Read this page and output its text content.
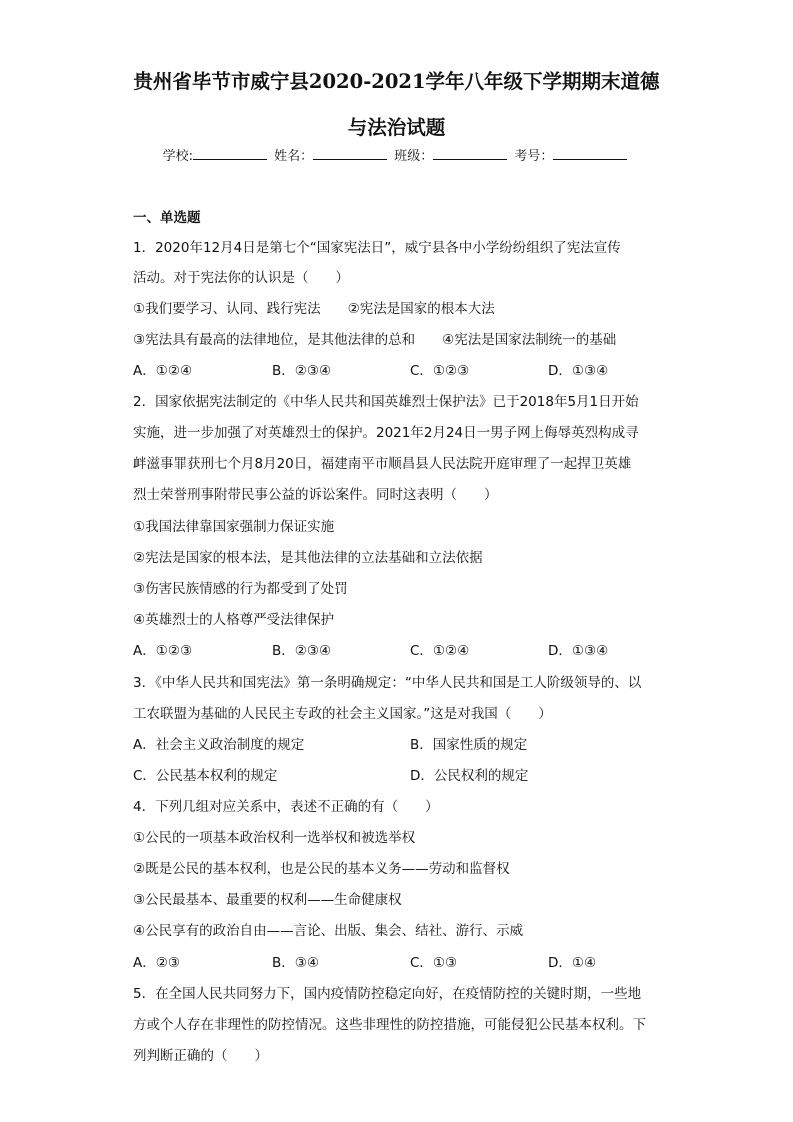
贵州省毕节市威宁县2020-2021学年八年级下学期期末道德
与法治试题
学校:	姓名：	班级：	考号：
一、单选题
1．2020年12月4日是第七个“国家宪法日”，威宁县各中小学纷纷组织了宪法宣传
活动。对于宪法你的认识是（　　）
①我们要学习、认同、践行宪法　　②宪法是国家的根本大法
③宪法具有最高的法律地位，是其他法律的总和　　④宪法是国家法制统一的基础
A．①②④	B．②③④	C．①②③	D．①③④
2．国家依据宪法制定的《中华人民共和国英雄烈士保护法》已于2018年5月1日开始
实施，进一步加强了对英雄烈士的保护。2021年2月24日一男子网上侮辱英烈构成寻
衅滋事罪获刑七个月8月20日，福建南平市顺昌县人民法院开庭审理了一起捍卫英雄
烈士荣誉刑事附带民事公益的诉讼案件。同时这表明（　　）
①我国法律靠国家强制力保证实施
②宪法是国家的根本法，是其他法律的立法基础和立法依据
③伤害民族情感的行为都受到了处罚
④英雄烈士的人格尊严受法律保护
A．①②③	B．②③④	C．①②④	D．①③④
3．《中华人民共和国宪法》第一条明确规定：“中华人民共和国是工人阶级领导的、以
工农联盟为基础的人民民主专政的社会主义国家。”这是对我国（　　）
A．社会主义政治制度的规定	B．国家性质的规定
C．公民基本权利的规定	D．公民权利的规定
4．下列几组对应关系中，表述不正确的有（　　）
①公民的一项基本政治权利一选举权和被选举权
②既是公民的基本权利，也是公民的基本义务——劳动和监督权
③公民最基本、最重要的权利——生命健康权
④公民享有的政治自由——言论、出版、集会、结社、游行、示威
A．②③	B．③④	C．①③	D．①④
5．在全国人民共同努力下，国内疫情防控稳定向好，在疫情防控的关键时期，一些地
方或个人存在非理性的防控情况。这些非理性的防控措施，可能侵犯公民基本权利。下
列判断正确的（　　）
